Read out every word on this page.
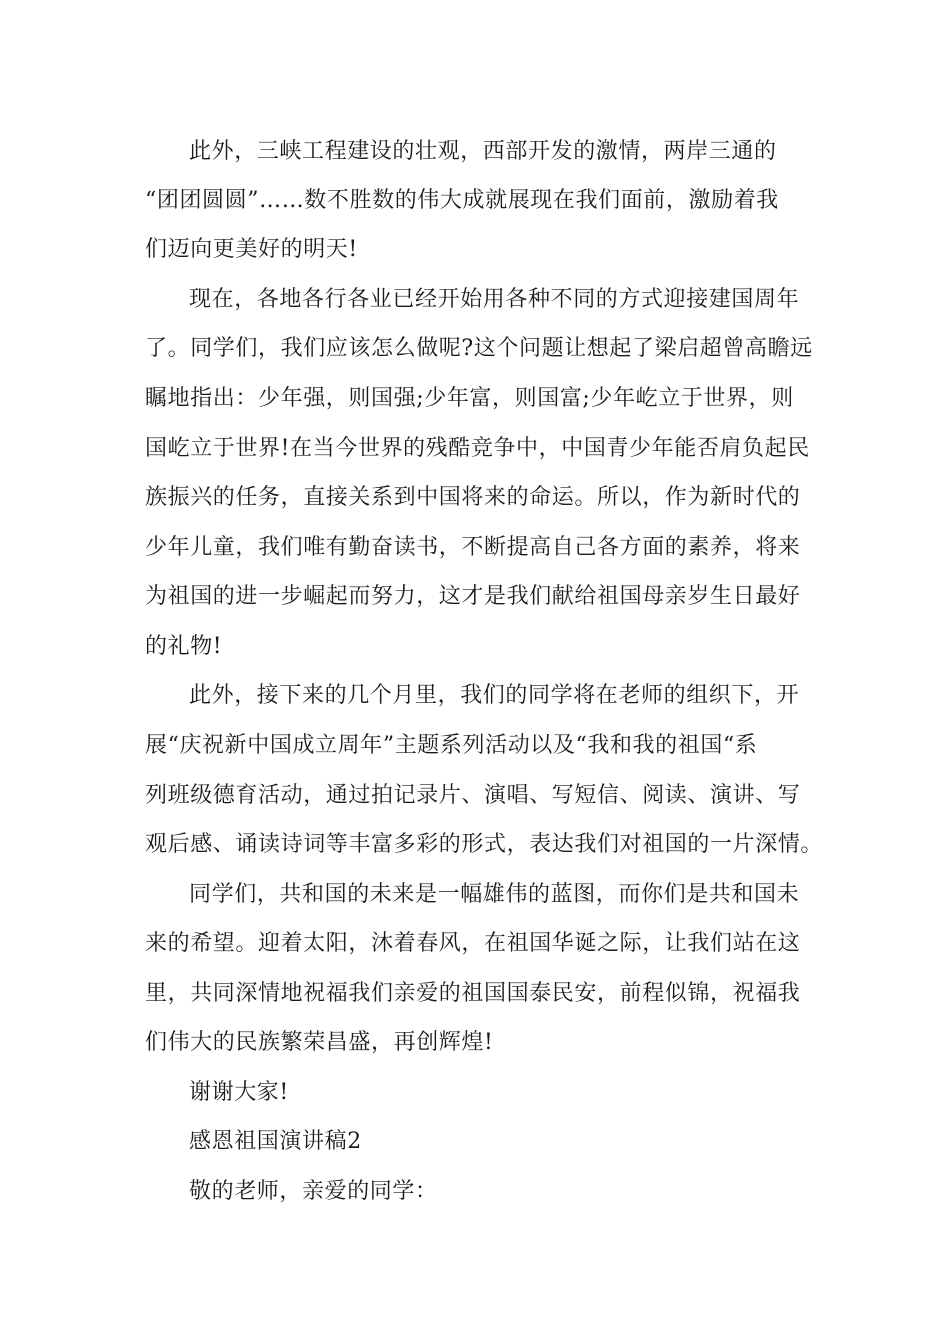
此外，三峡工程建设的壮观，西部开发的激情，两岸三通的
“团团圆圆”……数不胜数的伟大成就展现在我们面前，激励着我
们迈向更美好的明天!
现在，各地各行各业已经开始用各种不同的方式迎接建国周年
了。同学们，我们应该怎么做呢?这个问题让想起了梁启超曾高瞻远
瞩地指出：少年强，则国强;少年富，则国富;少年屹立于世界，则
国屹立于世界!在当今世界的残酷竞争中，中国青少年能否肩负起民
族振兴的任务，直接关系到中国将来的命运。所以，作为新时代的
少年儿童，我们唯有勤奋读书，不断提高自己各方面的素养，将来
为祖国的进一步崛起而努力，这才是我们献给祖国母亲岁生日最好
的礼物!
此外，接下来的几个月里，我们的同学将在老师的组织下，开
展“庆祝新中国成立周年”主题系列活动以及“我和我的祖国“系
列班级德育活动，通过拍记录片、演唱、写短信、阅读、演讲、写
观后感、诵读诗词等丰富多彩的形式，表达我们对祖国的一片深情。
同学们，共和国的未来是一幅雄伟的蓝图，而你们是共和国未
来的希望。迎着太阳，沐着春风，在祖国华诞之际，让我们站在这
里，共同深情地祝福我们亲爱的祖国国泰民安，前程似锦，祝福我
们伟大的民族繁荣昌盛，再创辉煌!
谢谢大家!
感恩祖国演讲稿2
敬的老师，亲爱的同学：
